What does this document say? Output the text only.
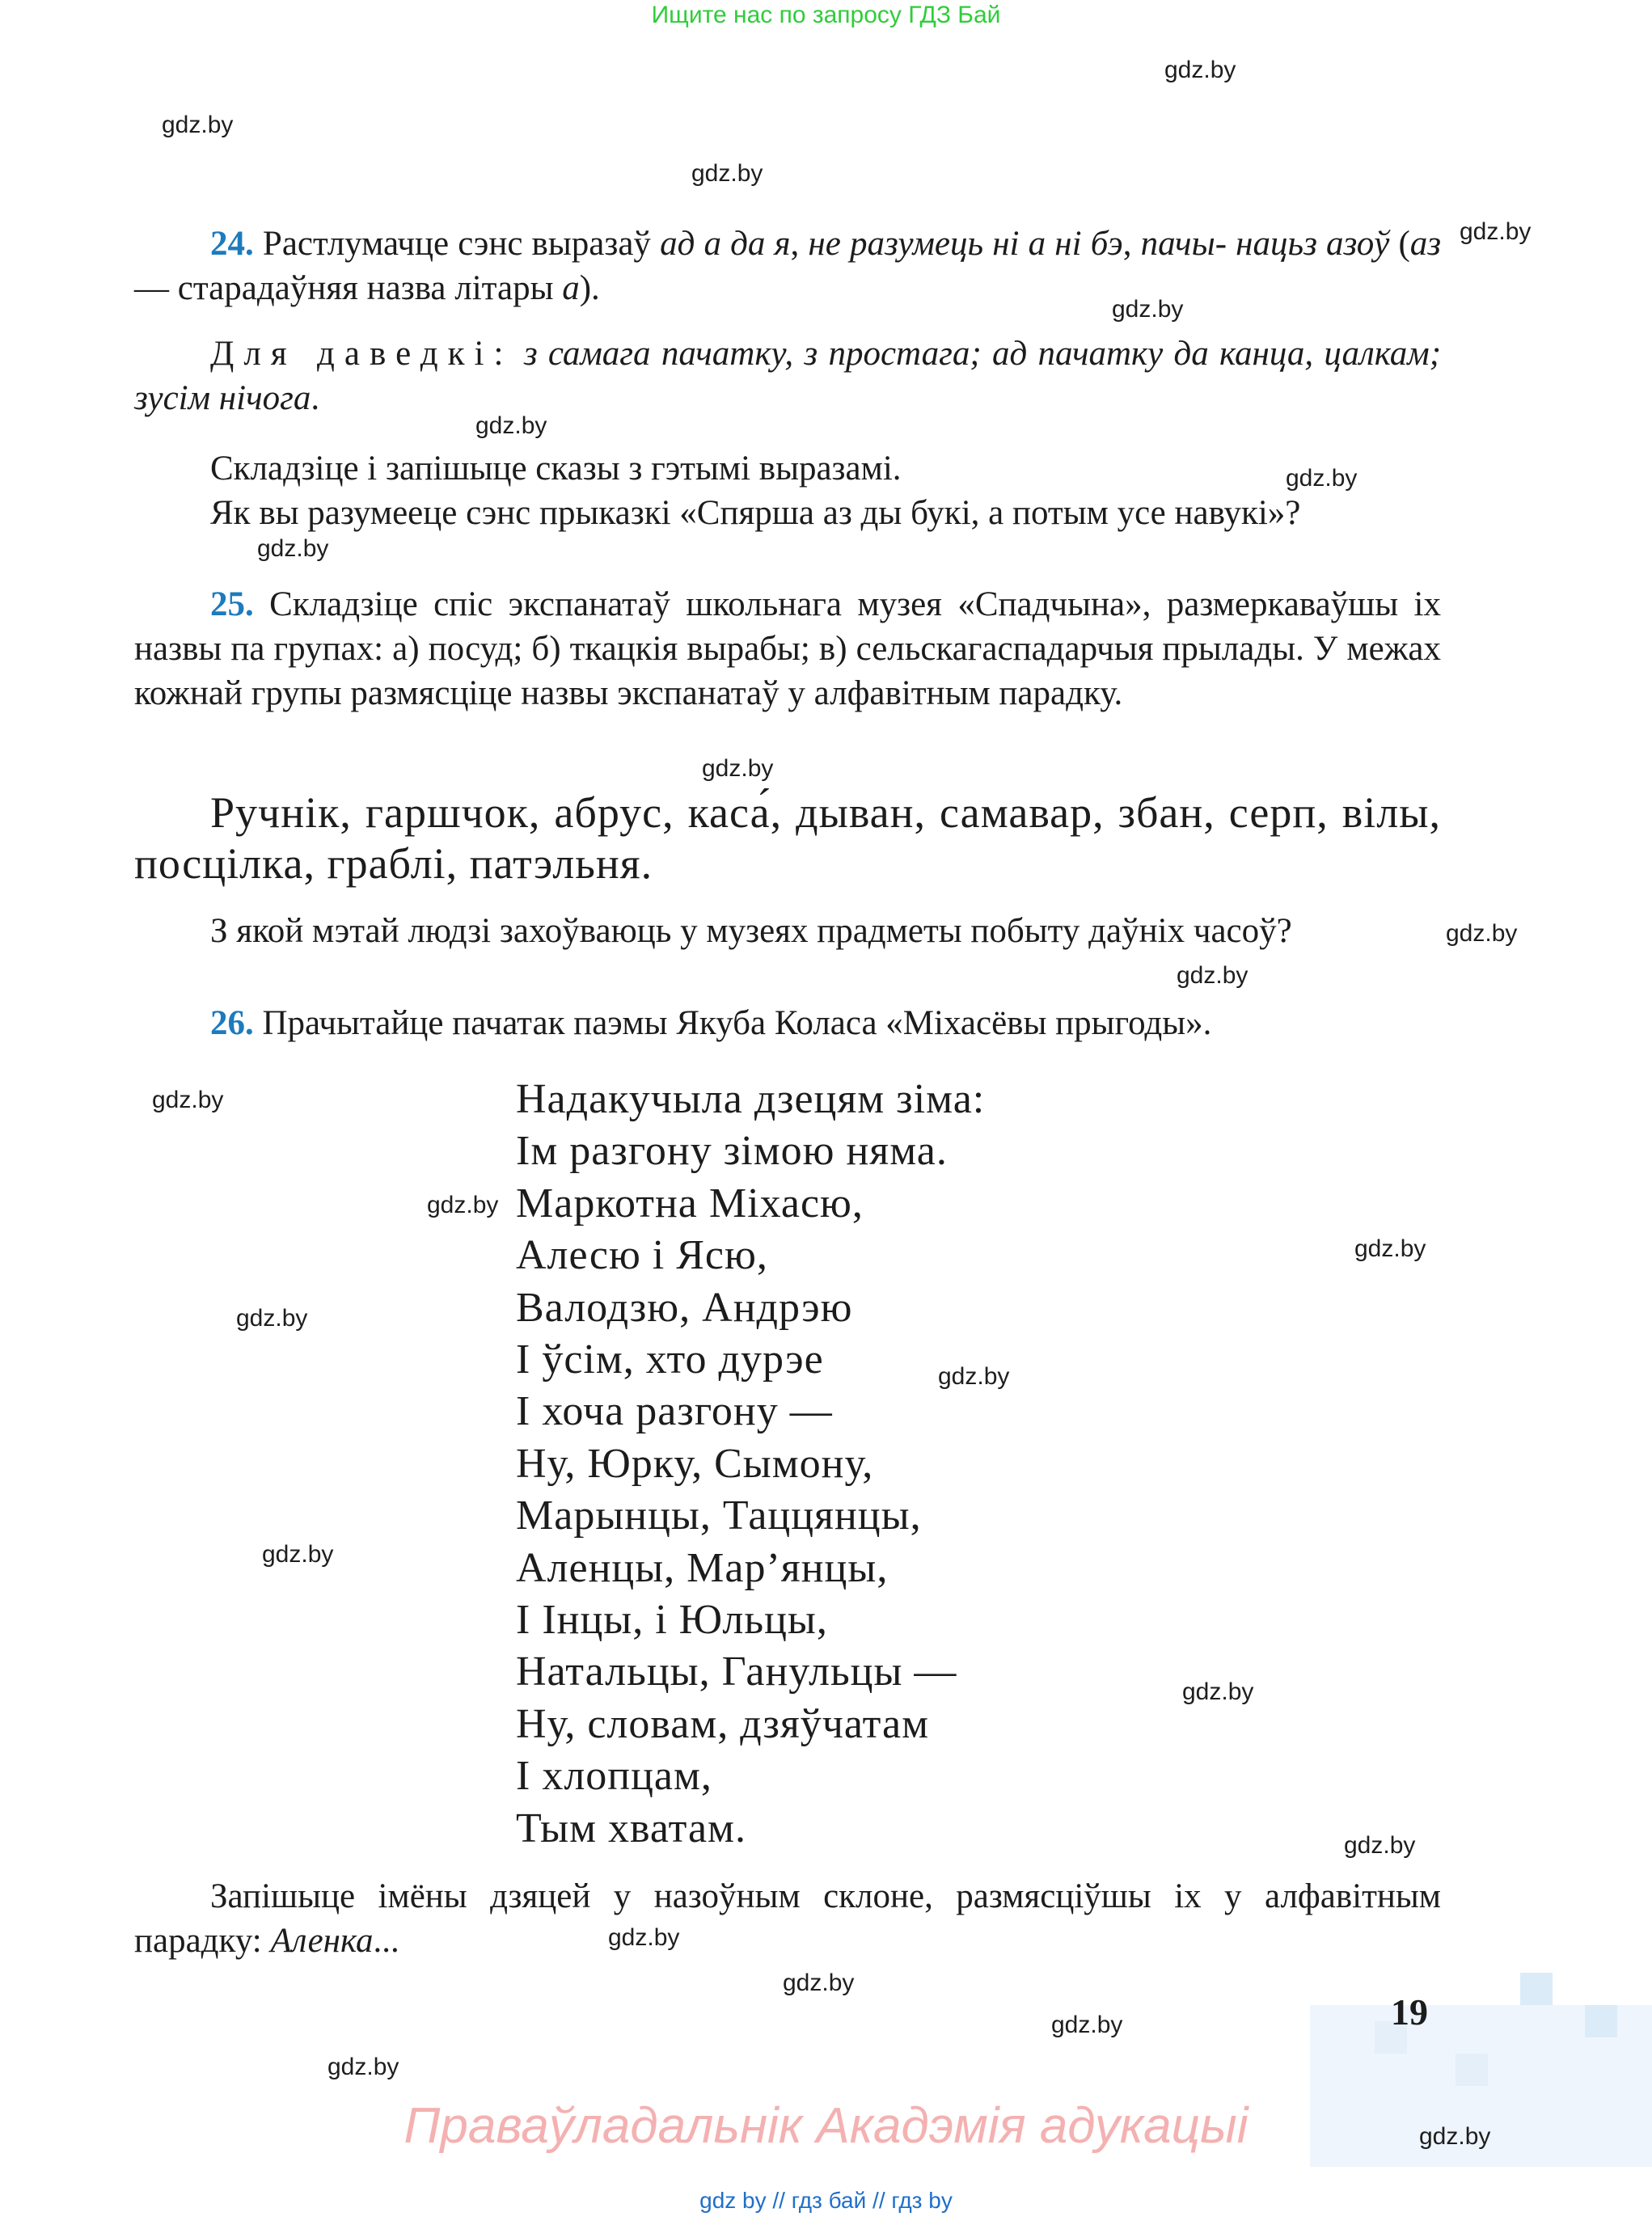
Ищите нас по запросу ГДЗ Бай
gdz.by
gdz.by
gdz.by
gdz.by
gdz.by
gdz.by
gdz.by
gdz.by
gdz.by
gdz.by
gdz.by
gdz.by
gdz.by
gdz.by
gdz.by
gdz.by
gdz.by
gdz.by
gdz.by
gdz.by
gdz.by
gdz.by
gdz.by
gdz.by
24. Растлумачце сэнс выразаў ад а да я, не разумець ні а ні бэ, пачы- нацьз азоў (аз — старадаўняя назва літары а).
Для даведкі: з самага пачатку, з простага; ад пачатку да канца, цалкам; зусім нічога.
Складзіце і запішыце сказы з гэтымі выразамі.
Як вы разумееце сэнс прыказкі «Спярша аз ды букі, а потым усе навукі»?
25. Складзіце спіс экспанатаў школьнага музея «Спадчына», размеркаваўшы іх назвы па групах: а) посуд; б) ткацкія вырабы; в) сельскагаспадарчыя прылады. У межах кожнай групы размясціце назвы экспанатаў у алфавітным парадку.
Ручнік, гаршчок, абрус, каса́, дыван, самавар, збан, серп, вілы, посцілка, граблі, патэльня.
З якой мэтай людзі захоўваюць у музеях прадметы побыту даўніх часоў?
26. Прачытайце пачатак паэмы Якуба Коласа «Міхасёвы прыгоды».
Надакучыла дзецям зіма:
Ім разгону зімою няма.
Маркотна Міхасю,
Алесю і Ясю,
Валодзю, Андрэю
І ўсім, хто дурэе
І хоча разгону —
Ну, Юрку, Сымону,
Марынцы, Таццянцы,
Аленцы, Мар’янцы,
І Інцы, і Юльцы,
Натальцы, Ганульцы —
Ну, словам, дзяўчатам
І хлопцам,
Тым хватам.
Запішыце імёны дзяцей у назоўным склоне, размясціўшы іх у алфавітным парадку: Аленка...
19
Праваўладальнік Акадэмія адукацыі
gdz by // гдз бай // гдз by
